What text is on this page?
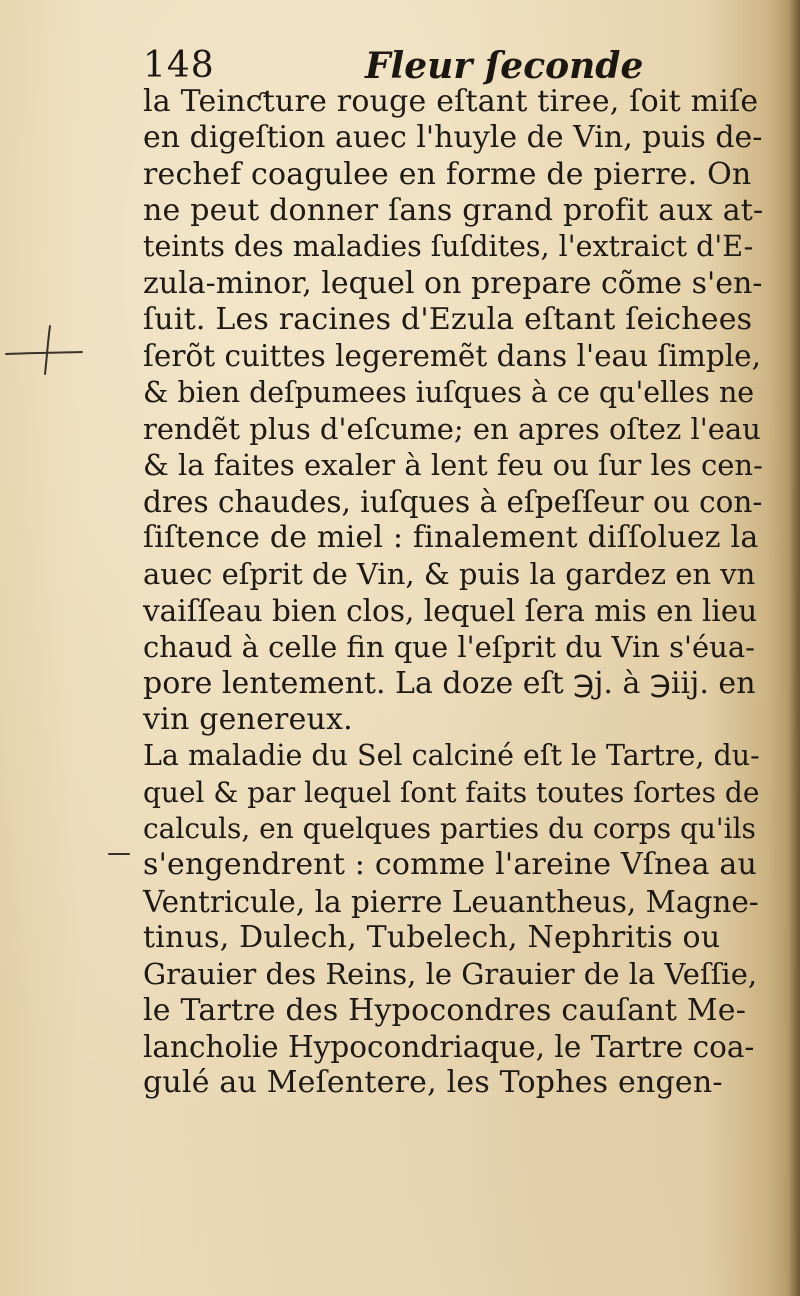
148	Fleur ſeconde
la Teinƈture rouge eſtant tiree, ſoit miſe
en digeſtion auec l'huyle de Vin, puis de-
rechef coagulee en forme de pierre. On
ne peut donner ſans grand profit aux at-
teints des maladies ſuſdites, l'extraict d'E-
zula-minor, lequel on prepare cõme s'en-
ſuit. Les racines d'Ezula eſtant ſeichees
ſerõt cuittes legeremẽt dans l'eau ſimple,
& bien deſpumees iuſques à ce qu'elles ne
rendẽt plus d'eſcume; en apres oſtez l'eau
& la faites exaler à lent feu ou ſur les cen-
dres chaudes, iuſques à eſpeſſeur ou con-
ſiſtence de miel : finalement diſſoluez la
auec eſprit de Vin, & puis la gardez en vn
vaiſſeau bien clos, lequel ſera mis en lieu
chaud à celle fin que l'eſprit du Vin s'éua-
pore lentement. La doze eſt ℈j. à ℈iij. en
vin genereux.
La maladie du Sel calciné eſt le Tartre, du-
quel & par lequel ſont faits toutes ſortes de
calculs, en quelques parties du corps qu'ils
s'engendrent : comme l'areine Vſnea au
Ventricule, la pierre Leuantheus, Magne-
tinus, Dulech, Tubelech, Nephritis ou
Grauier des Reins, le Grauier de la Veſſie,
le Tartre des Hypocondres cauſant Me-
lancholie Hypocondriaque, le Tartre coa-
gulé au Meſentere, les Tophes engen-
